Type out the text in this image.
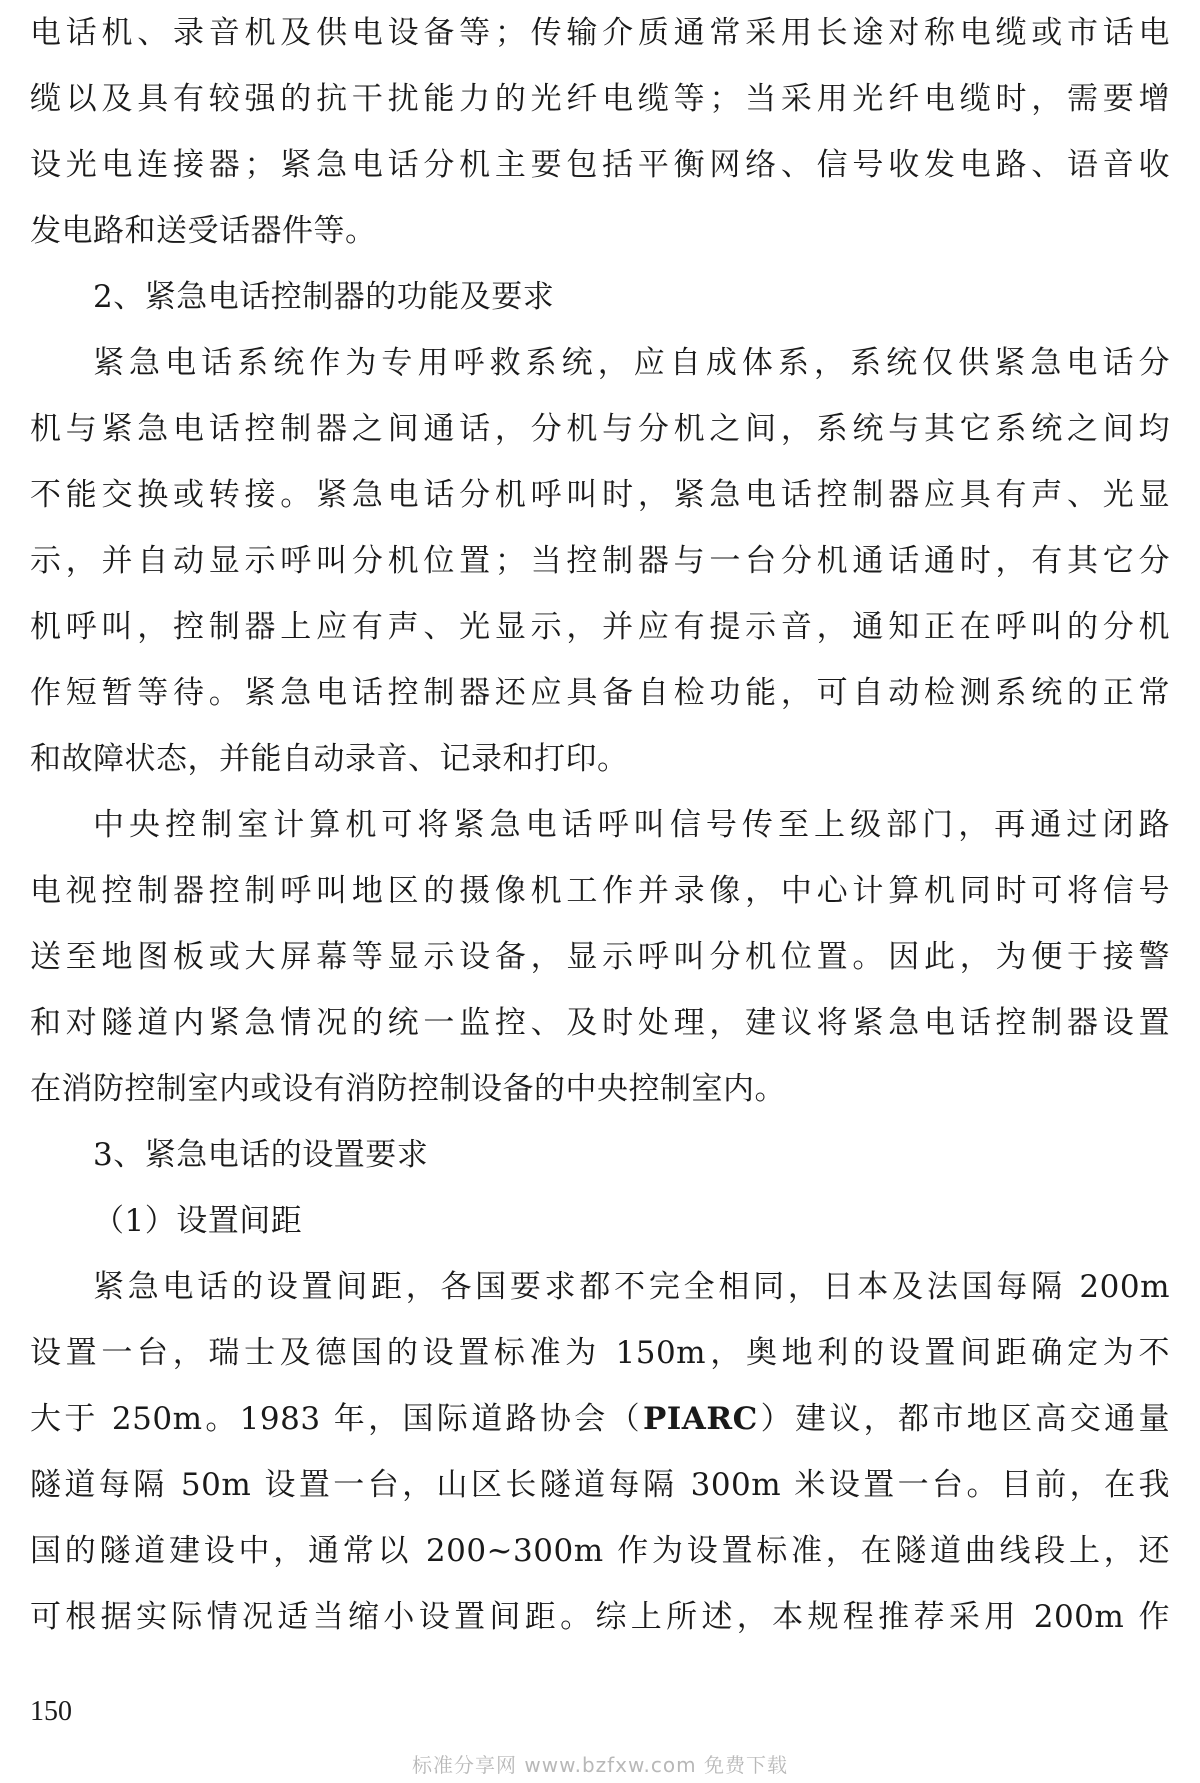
电话机、录音机及供电设备等；传输介质通常采用长途对称电缆或市话电
缆以及具有较强的抗干扰能力的光纤电缆等；当采用光纤电缆时，需要增
设光电连接器；紧急电话分机主要包括平衡网络、信号收发电路、语音收
发电路和送受话器件等。
2、紧急电话控制器的功能及要求
紧急电话系统作为专用呼救系统，应自成体系，系统仅供紧急电话分
机与紧急电话控制器之间通话，分机与分机之间，系统与其它系统之间均
不能交换或转接。紧急电话分机呼叫时，紧急电话控制器应具有声、光显
示，并自动显示呼叫分机位置；当控制器与一台分机通话通时，有其它分
机呼叫，控制器上应有声、光显示，并应有提示音，通知正在呼叫的分机
作短暂等待。紧急电话控制器还应具备自检功能，可自动检测系统的正常
和故障状态，并能自动录音、记录和打印。
中央控制室计算机可将紧急电话呼叫信号传至上级部门，再通过闭路
电视控制器控制呼叫地区的摄像机工作并录像，中心计算机同时可将信号
送至地图板或大屏幕等显示设备，显示呼叫分机位置。因此，为便于接警
和对隧道内紧急情况的统一监控、及时处理，建议将紧急电话控制器设置
在消防控制室内或设有消防控制设备的中央控制室内。
3、紧急电话的设置要求
（1）设置间距
紧急电话的设置间距，各国要求都不完全相同，日本及法国每隔 200m
设置一台，瑞士及德国的设置标准为 150m，奥地利的设置间距确定为不
大于 250m。1983 年，国际道路协会（PIARC）建议，都市地区高交通量
隧道每隔 50m 设置一台，山区长隧道每隔 300m 米设置一台。目前，在我
国的隧道建设中，通常以 200~300m 作为设置标准，在隧道曲线段上，还
可根据实际情况适当缩小设置间距。综上所述，本规程推荐采用 200m 作
150
标准分享网 www.bzfxw.com 免费下载
